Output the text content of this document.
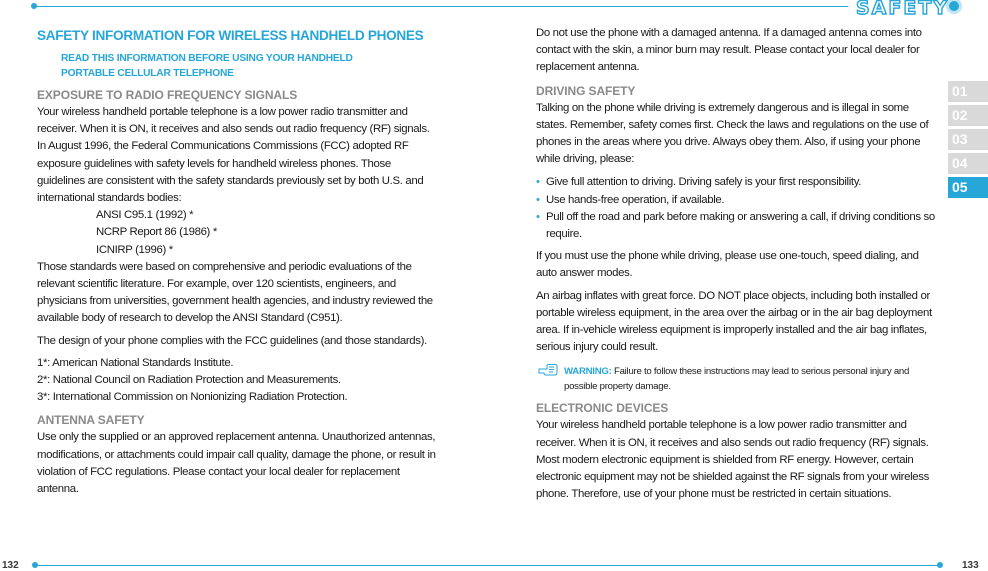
SAFETY
01
02
03
04
05
SAFETY INFORMATION FOR WIRELESS HANDHELD PHONES
READ THIS INFORMATION BEFORE USING YOUR HANDHELD
PORTABLE CELLULAR TELEPHONE
EXPOSURE TO RADIO FREQUENCY SIGNALS

Your wireless handheld portable telephone is a low power radio transmitter and receiver. When it is ON, it receives and also sends out radio frequency (RF) signals. In August 1996, the Federal Communications Commissions (FCC) adopted RF exposure guidelines with safety levels for handheld wireless phones. Those guidelines are consistent with the safety standards previously set by both U.S. and international standards bodies:

ANSI C95.1 (1992) *
NCRP Report 86 (1986) *
ICNIRP (1996) *

Those standards were based on comprehensive and periodic evaluations of the relevant scientific literature. For example, over 120 scientists, engineers, and physicians from universities, government health agencies, and industry reviewed the available body of research to develop the ANSI Standard (C951).

The design of your phone complies with the FCC guidelines (and those standards).

1*: American National Standards Institute.
2*: National Council on Radiation Protection and Measurements.
3*: International Commission on Nonionizing Radiation Protection.
ANTENNA SAFETY

Use only the supplied or an approved replacement antenna. Unauthorized antennas, modifications, or attachments could impair call quality, damage the phone, or result in violation of FCC regulations. Please contact your local dealer for replacement antenna.

Do not use the phone with a damaged antenna. If a damaged antenna comes into contact with the skin, a minor burn may result. Please contact your local dealer for replacement antenna.

DRIVING SAFETY

Talking on the phone while driving is extremely dangerous and is illegal in some states. Remember, safety comes first. Check the laws and regulations on the use of phones in the areas where you drive. Always obey them. Also, if using your phone while driving, please:

• Give full attention to driving. Driving safely is your first responsibility.
• Use hands-free operation, if available.
• Pull off the road and park before making or answering a call, if driving conditions so require.

If you must use the phone while driving, please use one-touch, speed dialing, and auto answer modes.

An airbag inflates with great force. DO NOT place objects, including both installed or portable wireless equipment, in the area over the airbag or in the air bag deployment area. If in-vehicle wireless equipment is improperly installed and the air bag inflates, serious injury could result.

WARNING: Failure to follow these instructions may lead to serious personal injury and possible property damage.
ELECTRONIC DEVICES

Your wireless handheld portable telephone is a low power radio transmitter and receiver. When it is ON, it receives and also sends out radio frequency (RF) signals. Most modern electronic equipment is shielded from RF energy. However, certain electronic equipment may not be shielded against the RF signals from your wireless phone. Therefore, use of your phone must be restricted in certain situations.

132	133
